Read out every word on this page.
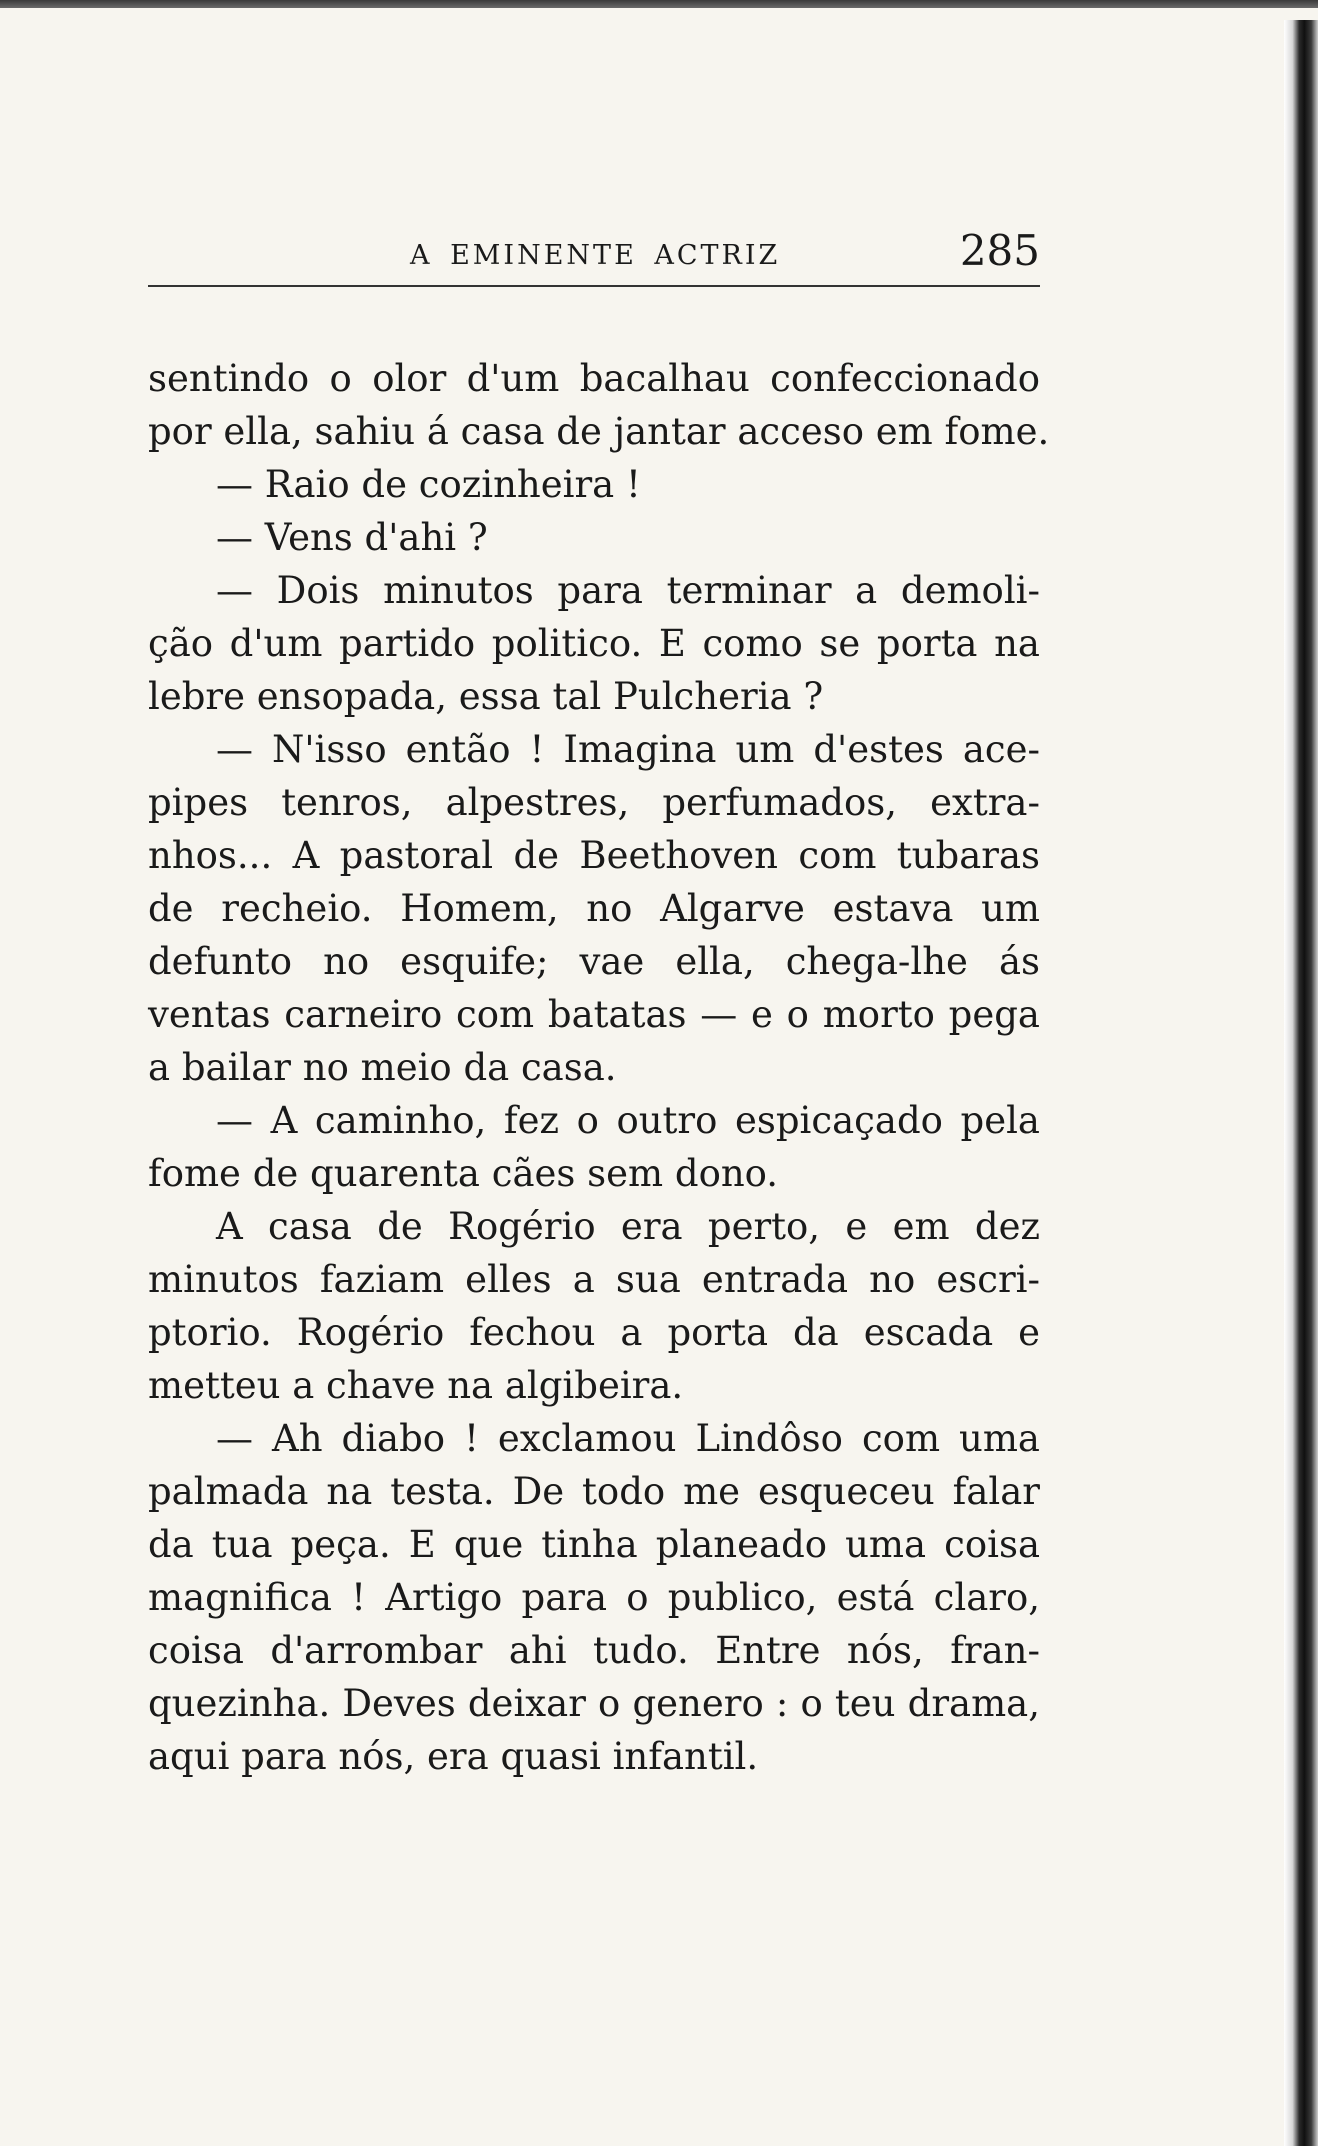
A EMINENTE ACTRIZ	285
sentindo o olor d'um bacalhau confeccionado
por ella, sahiu á casa de jantar acceso em fome.
— Raio de cozinheira !
— Vens d'ahi ?
— Dois minutos para terminar a demoli-
ção d'um partido politico. E como se porta na
lebre ensopada, essa tal Pulcheria ?
— N'isso então ! Imagina um d'estes ace-
pipes tenros, alpestres, perfumados, extra-
nhos... A pastoral de Beethoven com tubaras
de recheio. Homem, no Algarve estava um
defunto no esquife; vae ella, chega-lhe ás
ventas carneiro com batatas — e o morto pega
a bailar no meio da casa.
— A caminho, fez o outro espicaçado pela
fome de quarenta cães sem dono.
A casa de Rogério era perto, e em dez
minutos faziam elles a sua entrada no escri-
ptorio. Rogério fechou a porta da escada e
metteu a chave na algibeira.
— Ah diabo ! exclamou Lindôso com uma
palmada na testa. De todo me esqueceu falar
da tua peça. E que tinha planeado uma coisa
magnifica ! Artigo para o publico, está claro,
coisa d'arrombar ahi tudo. Entre nós, fran-
quezinha. Deves deixar o genero : o teu drama,
aqui para nós, era quasi infantil.
